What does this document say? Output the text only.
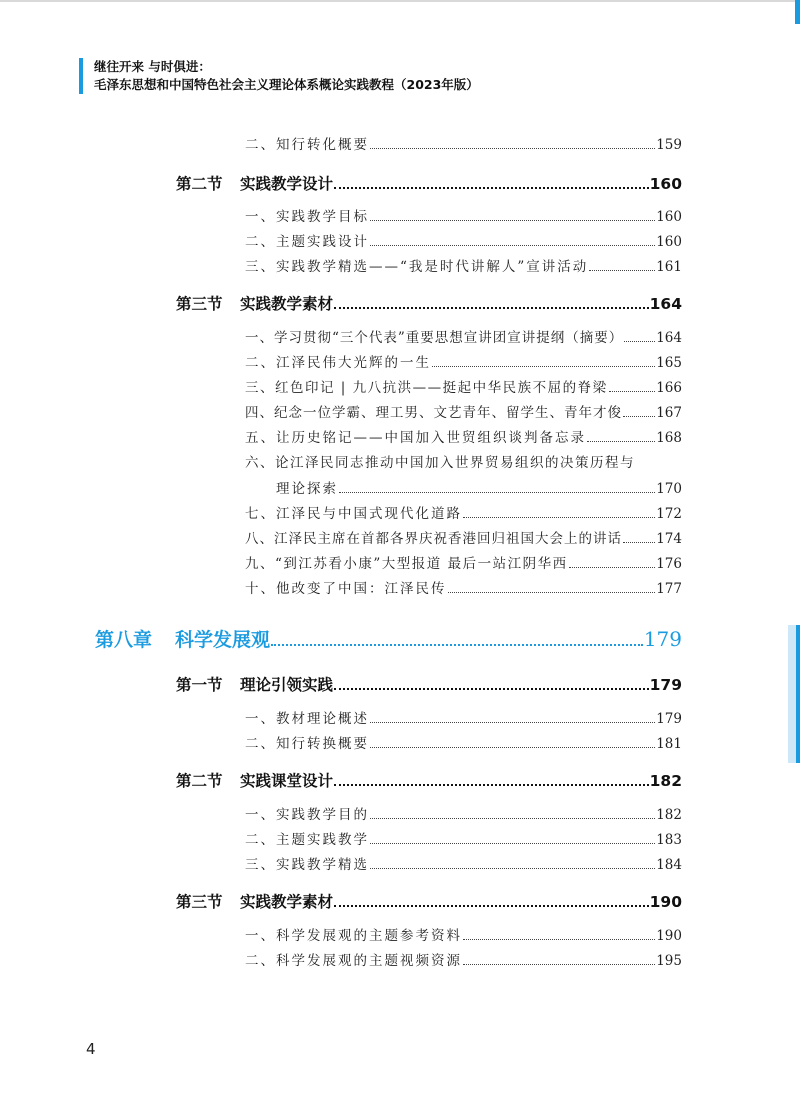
继往开来 与时俱进：
毛泽东思想和中国特色社会主义理论体系概论实践教程（2023年版）
二、知行转化概要	159
第二节	实践教学设计	160
一、实践教学目标	160
二、主题实践设计	160
三、实践教学精选——“我是时代讲解人”宣讲活动	161
第三节	实践教学素材	164
一、学习贯彻“三个代表”重要思想宣讲团宣讲提纲（摘要） 164
二、江泽民伟大光辉的一生	165
三、红色印记 | 九八抗洪——挺起中华民族不屈的脊梁	166
四、纪念一位学霸、理工男、文艺青年、留学生、青年才俊	167
五、让历史铭记——中国加入世贸组织谈判备忘录	168
六、论江泽民同志推动中国加入世界贸易组织的决策历程与
理论探索	170
七、江泽民与中国式现代化道路	172
八、江泽民主席在首都各界庆祝香港回归祖国大会上的讲话	174
九、“到江苏看小康”大型报道 最后一站江阴华西	176
十、他改变了中国：江泽民传	177
第八章	科学发展观	179
第一节	理论引领实践	179
一、教材理论概述	179
二、知行转换概要	181
第二节	实践课堂设计	182
一、实践教学目的	182
二、主题实践教学	183
三、实践教学精选	184
第三节	实践教学素材	190
一、科学发展观的主题参考资料	190
二、科学发展观的主题视频资源	195
4
